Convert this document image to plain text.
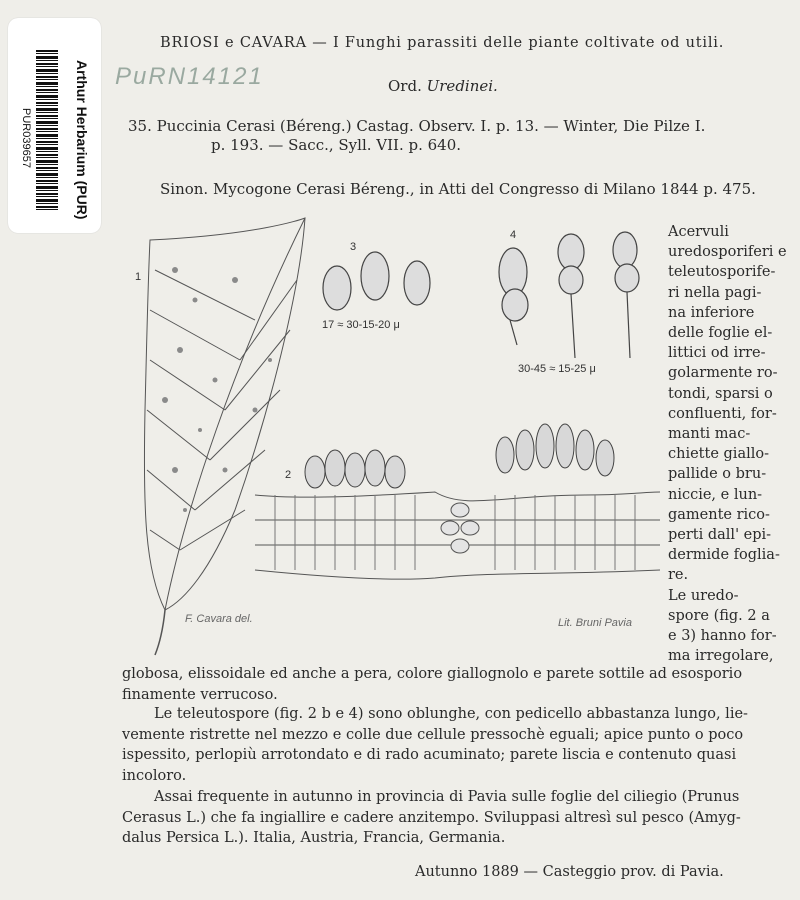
Arthur Herbarium (PUR)
PUR039657
PuRN14121
BRIOSI e CAVARA — I Funghi parassiti delle piante coltivate od utili.
Ord. Uredinei.
35. Puccinia Cerasi (Béreng.) Castag. Observ. I. p. 13. — Winter, Die Pilze I.
p. 193. — Sacc., Syll. VII. p. 640.
Sinon. Mycogone Cerasi Béreng., in Atti del Congresso di Milano 1844 p. 475.
1
3
17 ≈ 30-15-20 μ
4
30-45 ≈ 15-25 μ
2
F. Cavara del.	Lit. Bruni Pavia
Acervuli
uredosporiferi e
teleutosporife-
ri nella pagi-
na inferiore
delle foglie el-
littici od irre-
golarmente ro-
tondi, sparsi o
confluenti, for-
manti mac-
chiette giallo-
pallide o bru-
niccie, e lun-
gamente rico-
perti dall' epi-
dermide foglia-
re.
Le uredo-
spore (fig. 2 a
e 3) hanno for-
ma irregolare,
globosa, elissoidale ed anche a pera, colore giallognolo e parete sottile ad esosporio
finamente verrucoso.
Le teleutospore (fig. 2 b e 4) sono oblunghe, con pedicello abbastanza lungo, lie-
vemente ristrette nel mezzo e colle due cellule pressochè eguali; apice punto o poco
ispessito, perlopiù arrotondato e di rado acuminato; parete liscia e contenuto quasi
incoloro.
Assai frequente in autunno in provincia di Pavia sulle foglie del ciliegio (Prunus
Cerasus L.) che fa ingiallire e cadere anzitempo. Sviluppasi altresì sul pesco (Amyg-
dalus Persica L.). Italia, Austria, Francia, Germania.
Autunno 1889 — Casteggio prov. di Pavia.
